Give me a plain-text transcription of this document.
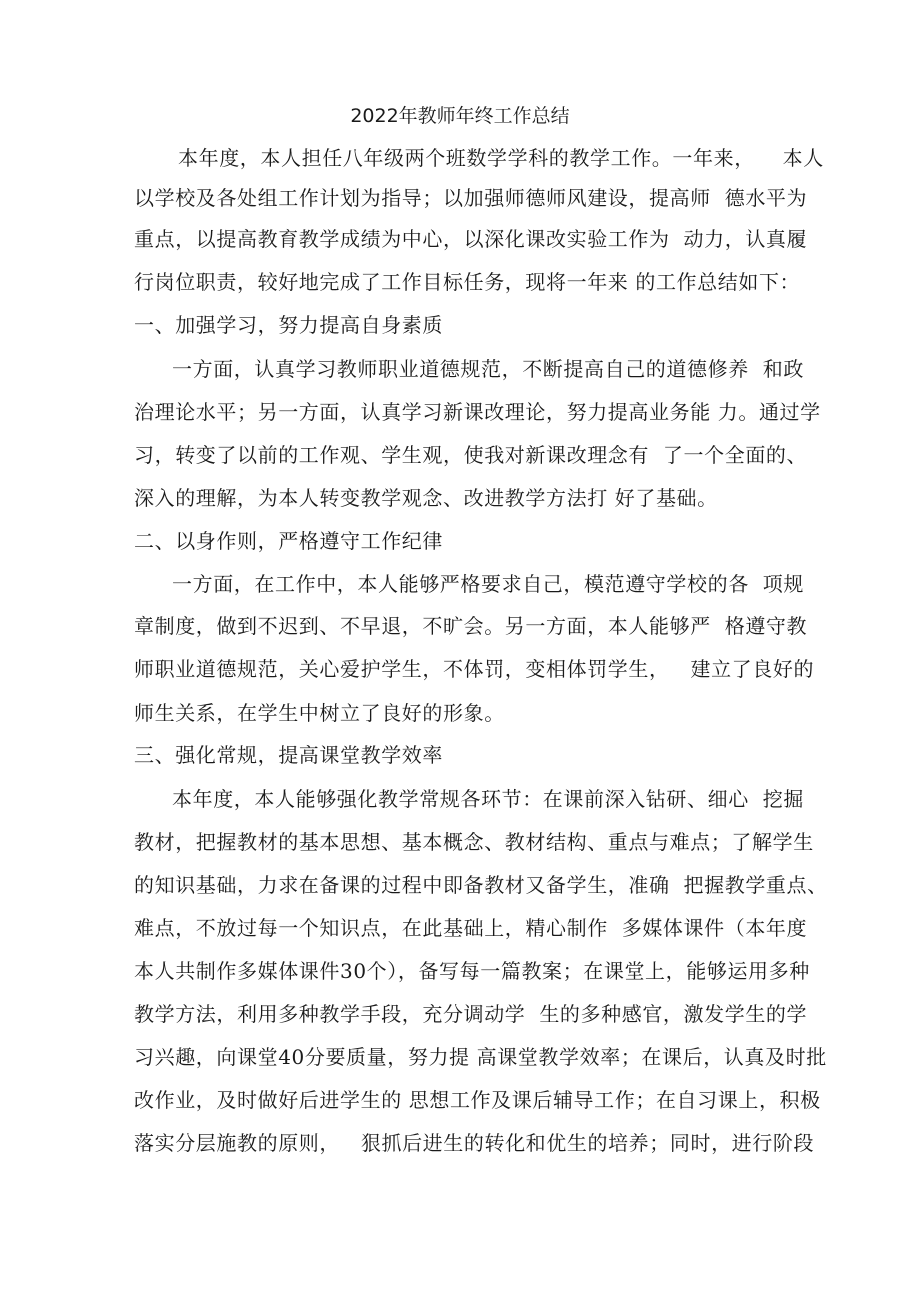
2022年教师年终工作总结
本年度，本人担任八年级两个班数学学科的教学工作。一年来，    本人
以学校及各处组工作计划为指导；以加强师德师风建设，提高师  德水平为
重点，以提高教育教学成绩为中心，以深化课改实验工作为  动力，认真履
行岗位职责，较好地完成了工作目标任务，现将一年来 的工作总结如下：
一、加强学习，努力提高自身素质
一方面，认真学习教师职业道德规范，不断提高自己的道德修养  和政
治理论水平；另一方面，认真学习新课改理论，努力提高业务能 力。通过学
习，转变了以前的工作观、学生观，使我对新课改理念有  了一个全面的、
深入的理解，为本人转变教学观念、改进教学方法打 好了基础。
二、以身作则，严格遵守工作纪律
一方面，在工作中，本人能够严格要求自己，模范遵守学校的各  项规
章制度，做到不迟到、不早退，不旷会。另一方面，本人能够严  格遵守教
师职业道德规范，关心爱护学生，不体罚，变相体罚学生，   建立了良好的
师生关系，在学生中树立了良好的形象。
三、强化常规，提高课堂教学效率
本年度，本人能够强化教学常规各环节：在课前深入钻研、细心  挖掘
教材，把握教材的基本思想、基本概念、教材结构、重点与难点；了解学生
的知识基础，力求在备课的过程中即备教材又备学生，准确  把握教学重点、
难点，不放过每一个知识点，在此基础上，精心制作  多媒体课件（本年度
本人共制作多媒体课件30个），备写每一篇教案；在课堂上，能够运用多种
教学方法，利用多种教学手段，充分调动学  生的多种感官，激发学生的学
习兴趣，向课堂40分要质量，努力提 高课堂教学效率；在课后，认真及时批
改作业，及时做好后进学生的 思想工作及课后辅导工作；在自习课上，积极
落实分层施教的原则，   狠抓后进生的转化和优生的培养；同时，进行阶段
